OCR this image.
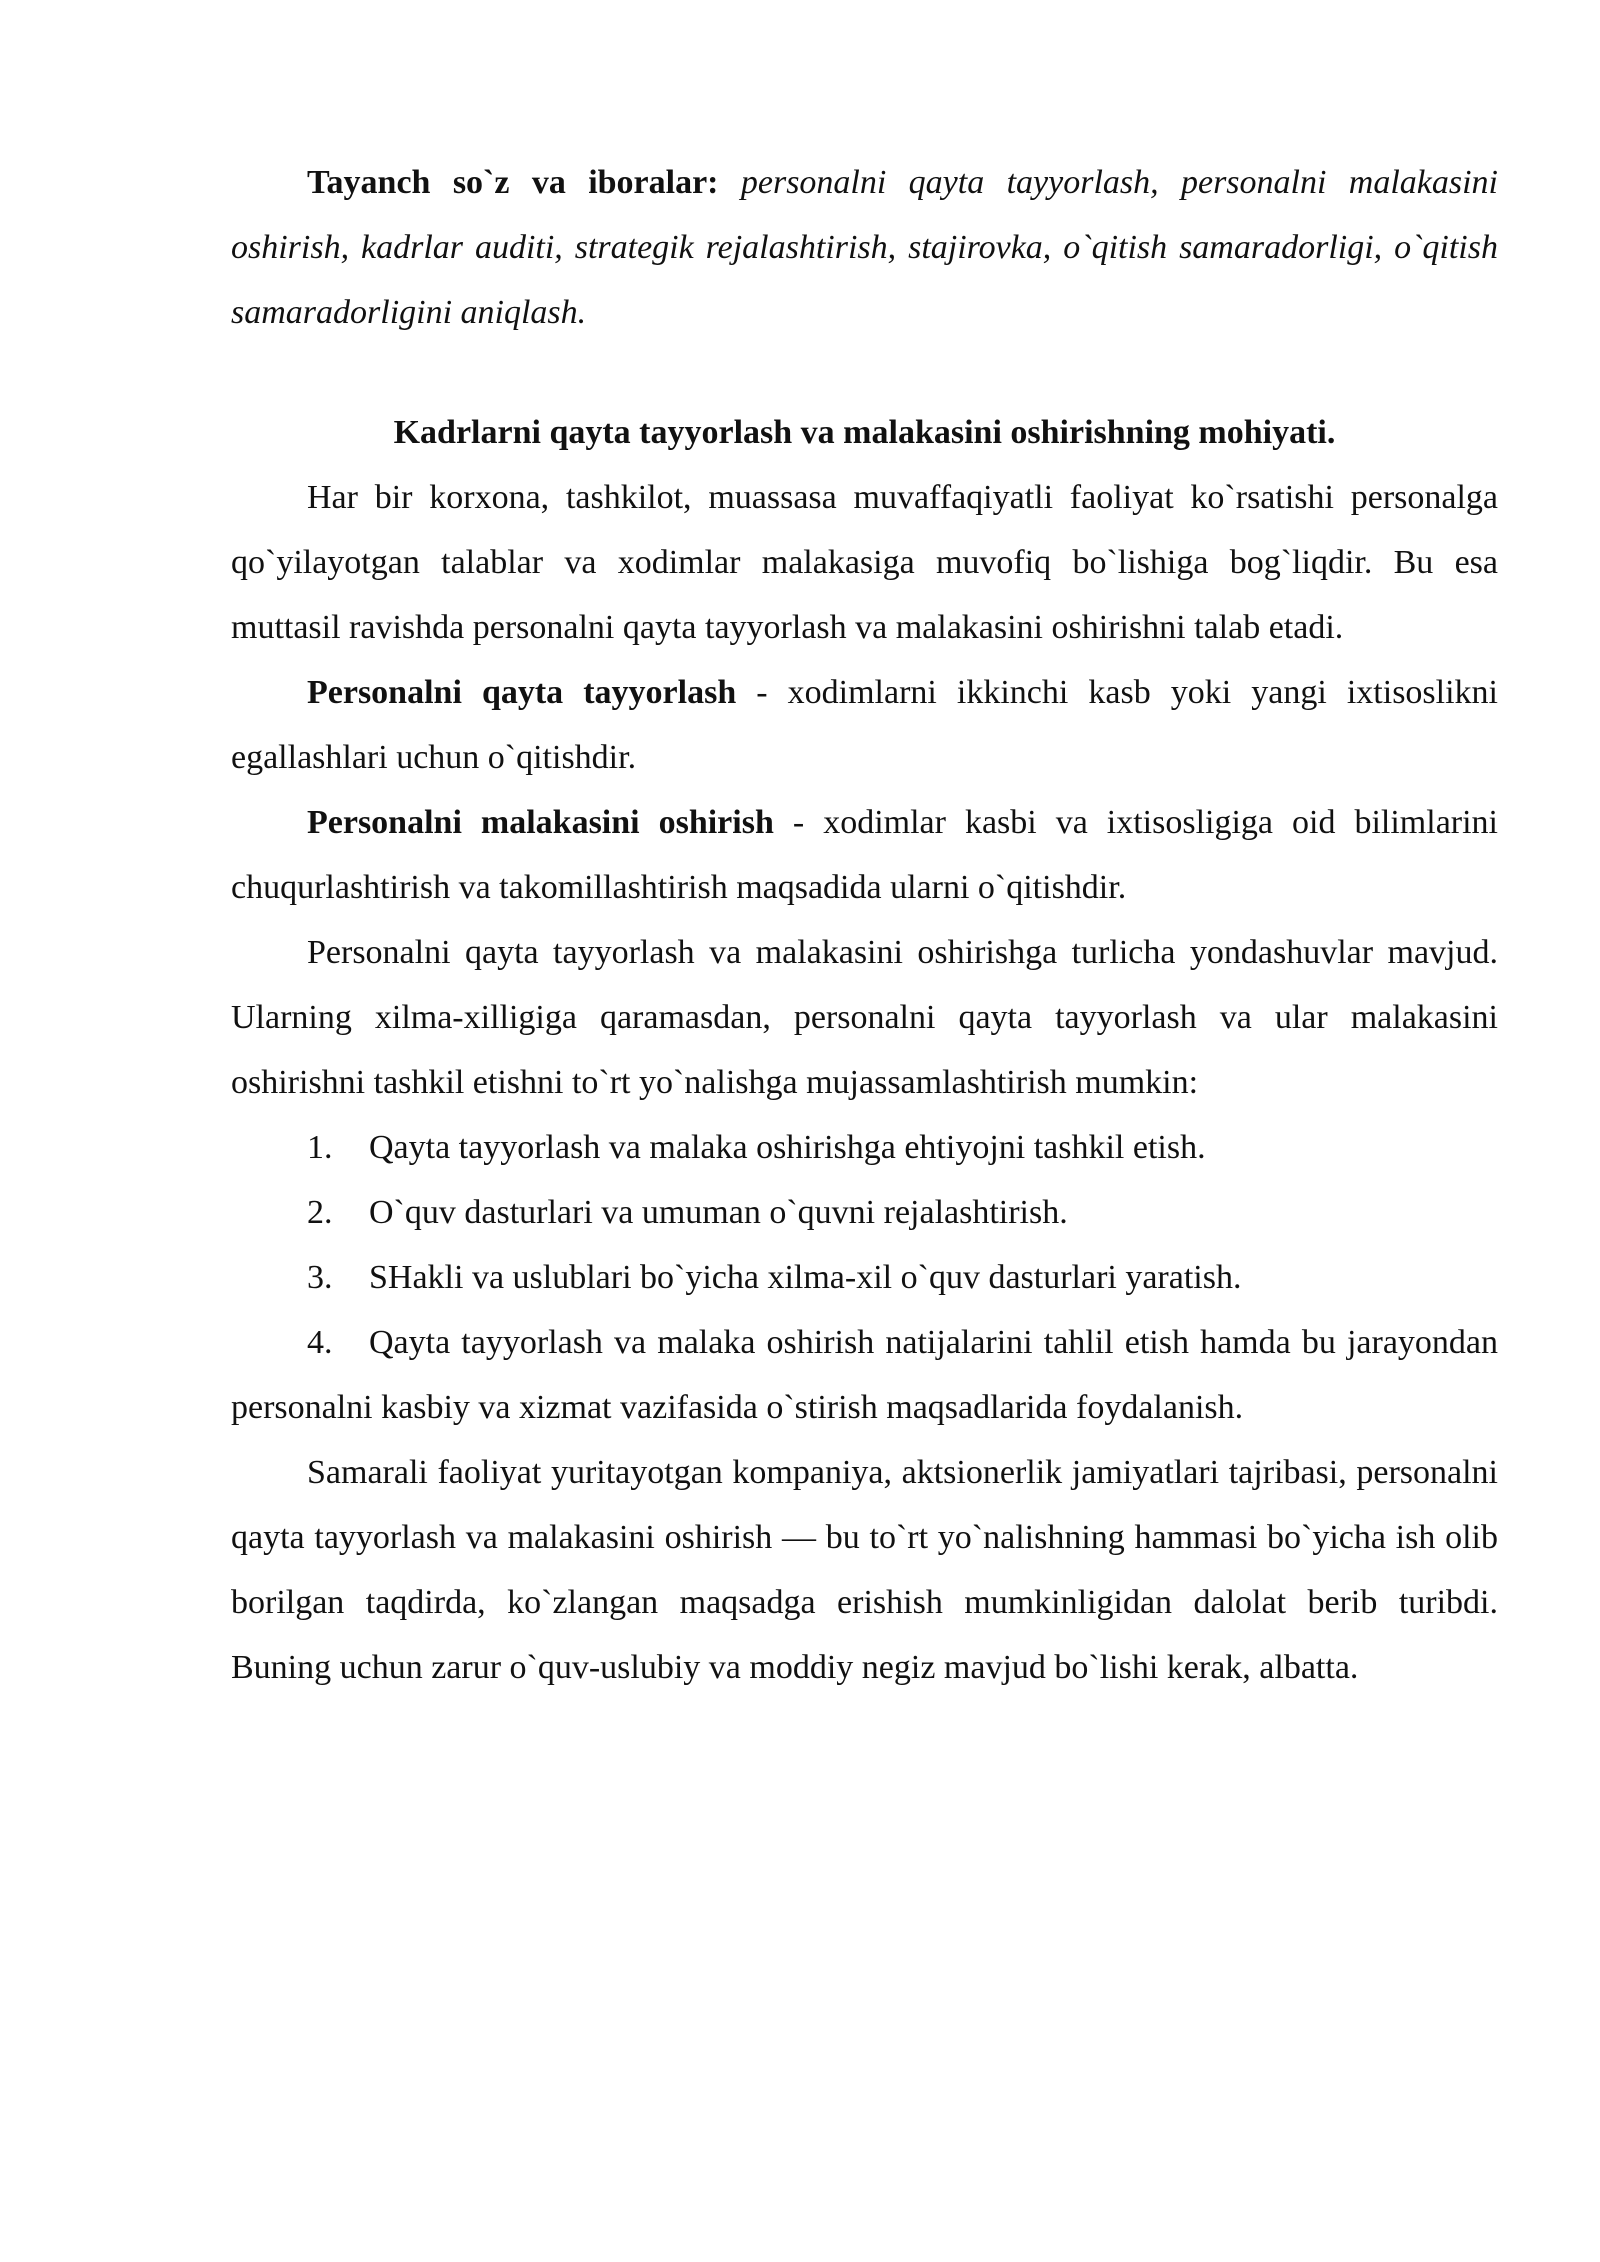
Tayanch so`z va iboralar: personalni qayta tayyorlash, personalni malakasini oshirish, kadrlar auditi, strategik rejalashtirish, stajirovka, o`qitish samaradorligi, o`qitish samaradorligini aniqlash.

Kadrlarni qayta tayyorlash va malakasini oshirishning mohiyati.

Har bir korxona, tashkilot, muassasa muvaffaqiyatli faoliyat ko`rsatishi personalga qo`yilayotgan talablar va xodimlar malakasiga muvofiq bo`lishiga bog`liqdir. Bu esa muttasil ravishda personalni qayta tayyorlash va malakasini oshirishni talab etadi.

Personalni qayta tayyorlash - xodimlarni ikkinchi kasb yoki yangi ixtisoslikni egallashlari uchun o`qitishdir.

Personalni malakasini oshirish - xodimlar kasbi va ixtisosligiga oid bilimlarini chuqurlashtirish va takomillashtirish maqsadida ularni o`qitishdir.

Personalni qayta tayyorlash va malakasini oshirishga turlicha yondashuvlar mavjud. Ularning xilma-xilligiga qaramasdan, personalni qayta tayyorlash va ular malakasini oshirishni tashkil etishni to`rt yo`nalishga mujassamlashtirish mumkin:

1. Qayta tayyorlash va malaka oshirishga ehtiyojni tashkil etish.

2. O`quv dasturlari va umuman o`quvni rejalashtirish.

3. SHakli va uslublari bo`yicha xilma-xil o`quv dasturlari yaratish.

4. Qayta tayyorlash va malaka oshirish natijalarini tahlil etish hamda bu jarayondan personalni kasbiy va xizmat vazifasida o`stirish maqsadlarida foydalanish.

Samarali faoliyat yuritayotgan kompaniya, aktsionerlik jamiyatlari tajribasi, personalni qayta tayyorlash va malakasini oshirish — bu to`rt yo`nalishning hammasi bo`yicha ish olib borilgan taqdirda, ko`zlangan maqsadga erishish mumkinligidan dalolat berib turibdi. Buning uchun zarur o`quv-uslubiy va moddiy negiz mavjud bo`lishi kerak, albatta.
